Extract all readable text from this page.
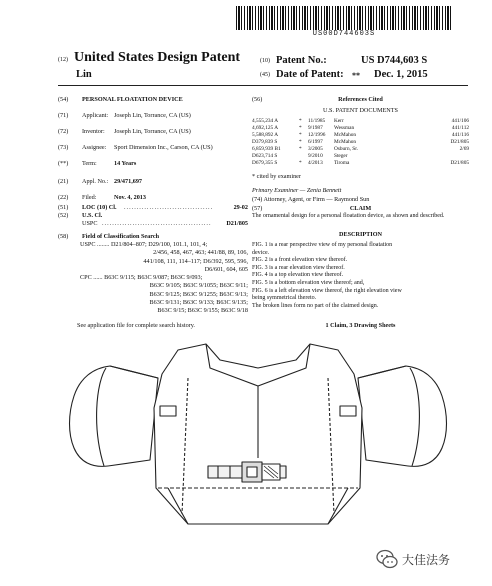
US00D744603S
(12) United States Design Patent
Lin
(10) Patent No.:	US D744,603 S
(45) Date of Patent: ** Dec. 1, 2015
(54) PERSONAL FLOATATION DEVICE
(71) Applicant: Joseph Lin, Torrance, CA (US)
(72) Inventor: Joseph Lin, Torrance, CA (US)
(73) Assignee: Sport Dimension Inc., Carson, CA (US)
(**) Term:	14 Years
(21) Appl. No.: 29/471,697
(22) Filed:	Nov. 4, 2013
(51) LOC (10) Cl. ...................................	29-02
(52) U.S. Cl.
USPC ........................................... D21/805
(58) Field of Classification Search
USPC ........ D21/804–807; D29/100, 101.1, 101, 4;
2/456, 458, 467, 463; 441/88, 89, 106,
441/108, 111, 114–117; D6/392, 595, 596,
D6/601, 604, 605
CPC ...... B63C 9/115; B63C 9/087; B63C 9/093;
B63C 9/105; B63C 9/1055; B63C 9/11;
B63C 9/125; B63C 9/1255; B63C 9/13;
B63C 9/131; B63C 9/133; B63C 9/135;
B63C 9/15; B63C 9/155; B63C 9/18
See application file for complete search history.
(56)	References Cited
U.S. PATENT DOCUMENTS
4,555,234 A	* 11/1985 Kerr	441/106
4,692,125 A	* 9/1987 Wessman	441/112
5,588,892 A	* 12/1996 McMahon	441/116
D379,839 S	* 6/1997 McMahon	D21/805
6,859,939 B1	* 3/2005 Osburn, Sr.	2/69
D623,714 S	9/2010 Steger
D679,355 S	* 4/2013 Tiroma	D21/805
* cited by examiner
Primary Examiner — Zenia Bennett
(74) Attorney, Agent, or Firm — Raymond Sun
(57)	CLAIM
The ornamental design for a personal floatation device, as shown and described.
DESCRIPTION
FIG. 1 is a rear perspective view of my personal floatation
device.
FIG. 2 is a front elevation view thereof.
FIG. 3 is a rear elevation view thereof.
FIG. 4 is a top elevation view thereof.
FIG. 5 is a bottom elevation view thereof; and,
FIG. 6 is a left elevation view thereof, the right elevation view
being symmetrical thereto.
The broken lines form no part of the claimed design.
1 Claim, 3 Drawing Sheets
大佳法务
